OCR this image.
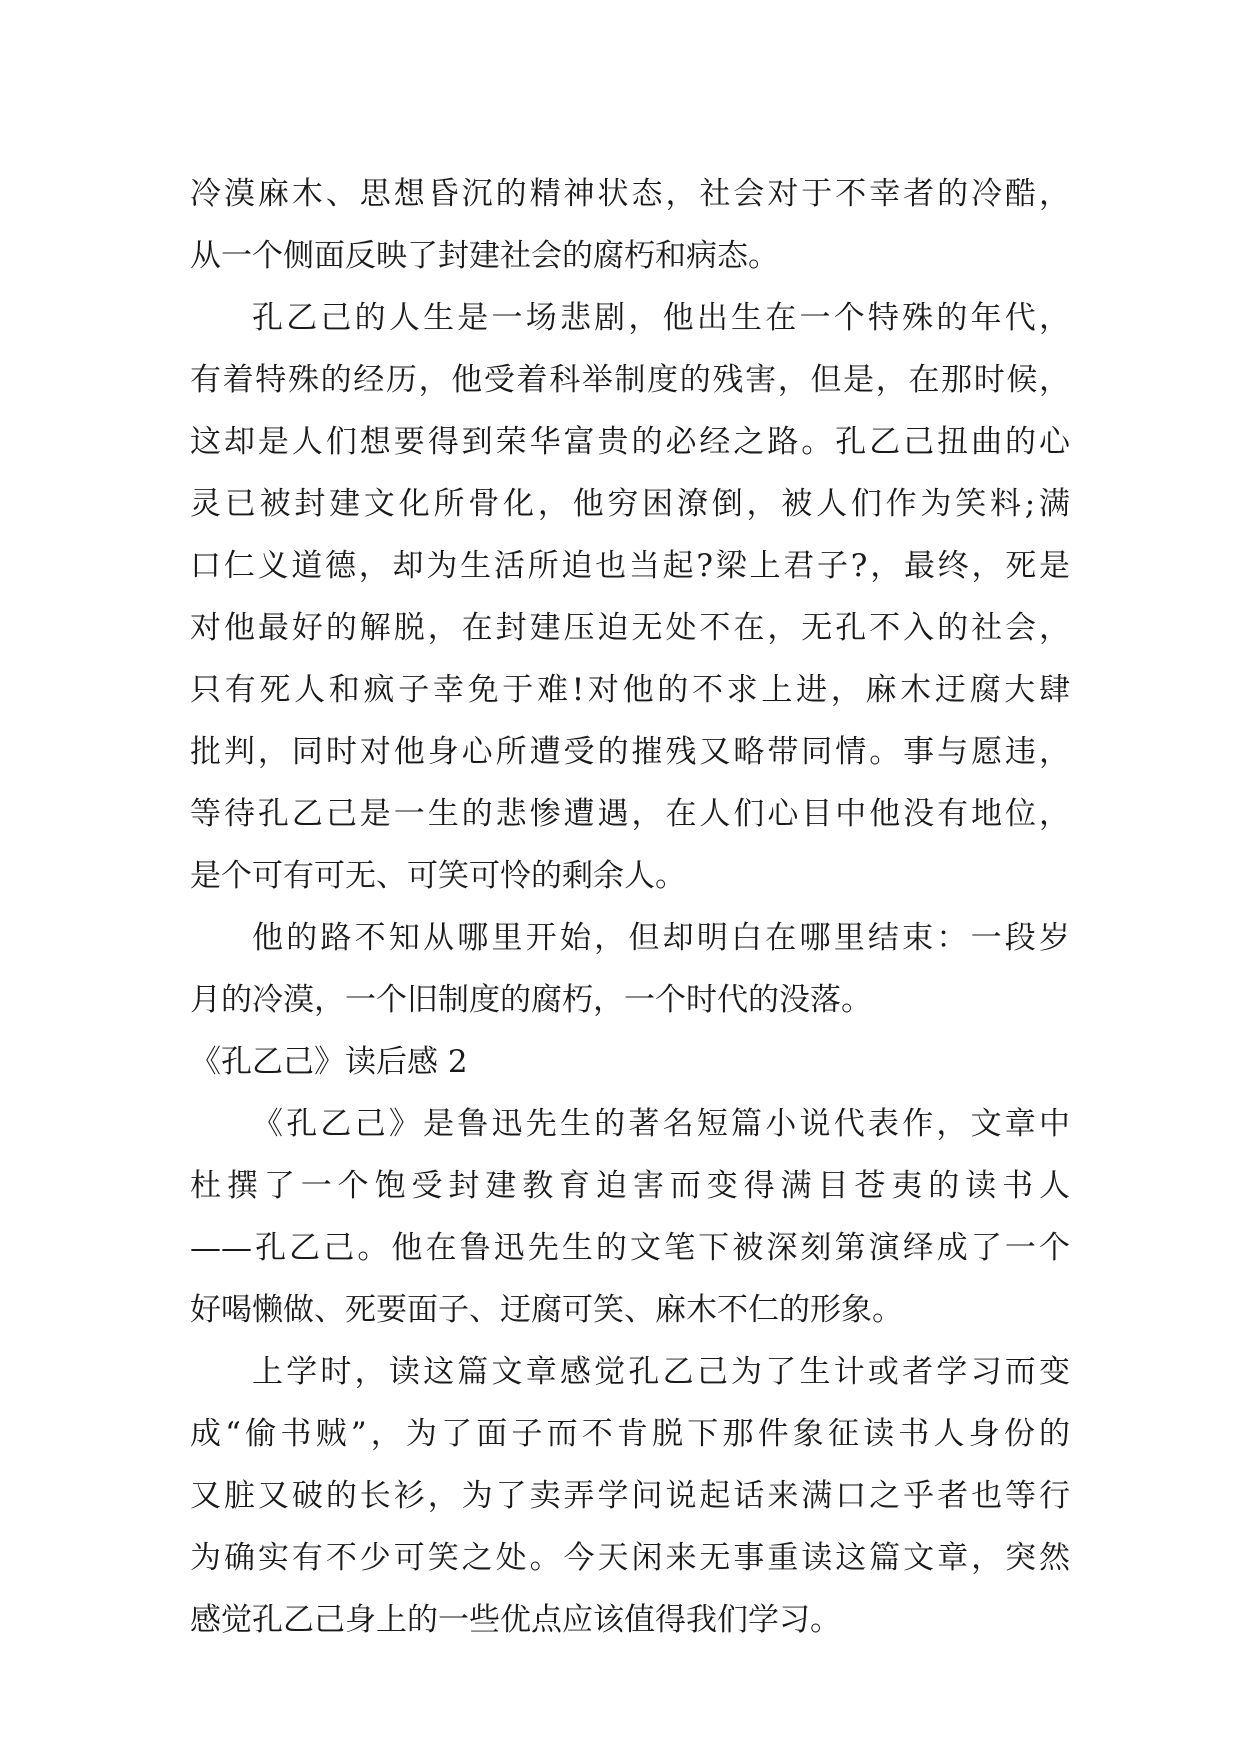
冷漠麻木、思想昏沉的精神状态，社会对于不幸者的冷酷，
从一个侧面反映了封建社会的腐朽和病态。
孔乙己的人生是一场悲剧，他出生在一个特殊的年代，
有着特殊的经历，他受着科举制度的残害，但是，在那时候，
这却是人们想要得到荣华富贵的必经之路。孔乙己扭曲的心
灵已被封建文化所骨化，他穷困潦倒，被人们作为笑料;满
口仁义道德，却为生活所迫也当起?梁上君子?，最终，死是
对他最好的解脱，在封建压迫无处不在，无孔不入的社会，
只有死人和疯子幸免于难!对他的不求上进，麻木迂腐大肆
批判，同时对他身心所遭受的摧残又略带同情。事与愿违，
等待孔乙己是一生的悲惨遭遇，在人们心目中他没有地位，
是个可有可无、可笑可怜的剩余人。
他的路不知从哪里开始，但却明白在哪里结束：一段岁
月的冷漠，一个旧制度的腐朽，一个时代的没落。
《孔乙己》读后感 2
《孔乙己》是鲁迅先生的著名短篇小说代表作，文章中
杜撰了一个饱受封建教育迫害而变得满目苍夷的读书人
——孔乙己。他在鲁迅先生的文笔下被深刻第演绎成了一个
好喝懒做、死要面子、迂腐可笑、麻木不仁的形象。
上学时，读这篇文章感觉孔乙己为了生计或者学习而变
成“偷书贼”，为了面子而不肯脱下那件象征读书人身份的
又脏又破的长衫，为了卖弄学问说起话来满口之乎者也等行
为确实有不少可笑之处。今天闲来无事重读这篇文章，突然
感觉孔乙己身上的一些优点应该值得我们学习。
